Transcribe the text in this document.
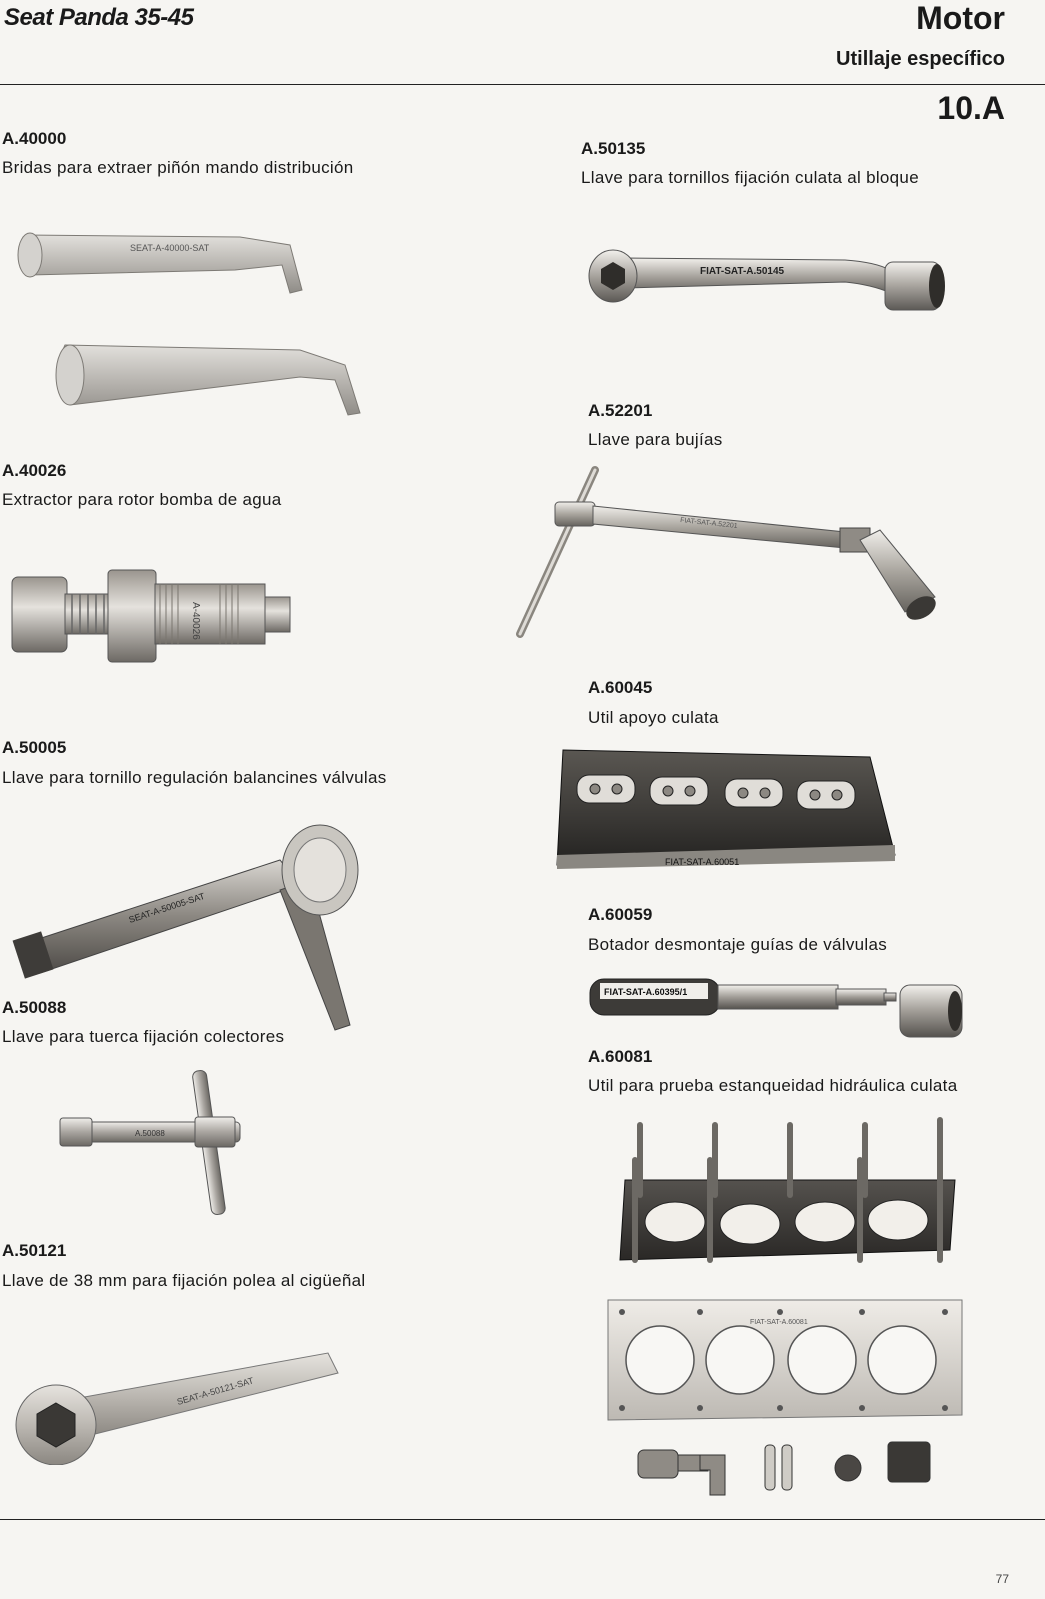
Seat Panda 35-45	Motor
Utillaje específico
10.A
A.40000
Bridas para extraer piñón mando distribución
SEAT-A-40000-SAT
A.40026
Extractor para rotor bomba de agua
A-40026
A.50005
Llave para tornillo regulación balancines válvulas
SEAT-A-50005-SAT
A.50088
Llave para tuerca fijación colectores
A.50088
A.50121
Llave de 38 mm para fijación polea al cigüeñal
SEAT-A-50121-SAT
A.50135
Llave para tornillos fijación culata al bloque
FIAT-SAT-A.50145
A.52201
Llave para bujías
FIAT-SAT-A.52201
A.60045
Util apoyo culata
FIAT-SAT-A.60051
A.60059
Botador desmontaje guías de válvulas
FIAT-SAT-A.60395/1
A.60081
Util para prueba estanqueidad hidráulica culata
FIAT-SAT-A.60081
77
